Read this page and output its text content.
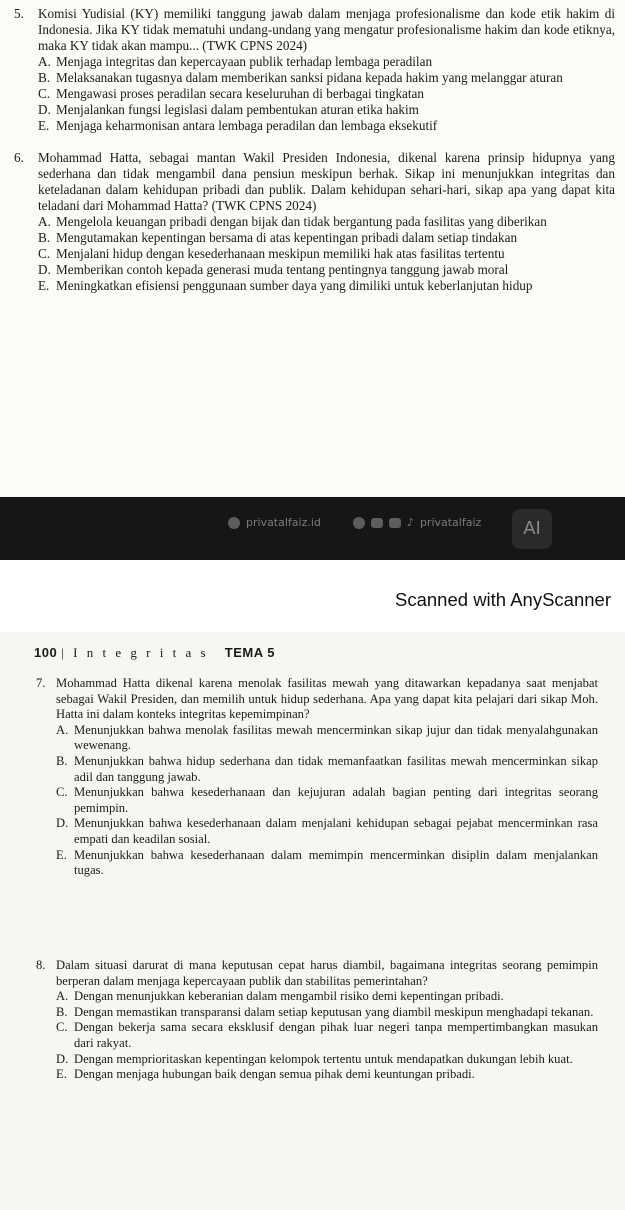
5. Komisi Yudisial (KY) memiliki tanggung jawab dalam menjaga profesionalisme dan kode etik hakim di Indonesia. Jika KY tidak mematuhi undang-undang yang mengatur profesionalisme hakim dan kode etiknya, maka KY tidak akan mampu... (TWK CPNS 2024)
A. Menjaga integritas dan kepercayaan publik terhadap lembaga peradilan
B. Melaksanakan tugasnya dalam memberikan sanksi pidana kepada hakim yang melanggar aturan
C. Mengawasi proses peradilan secara keseluruhan di berbagai tingkatan
D. Menjalankan fungsi legislasi dalam pembentukan aturan etika hakim
E. Menjaga keharmonisan antara lembaga peradilan dan lembaga eksekutif
6. Mohammad Hatta, sebagai mantan Wakil Presiden Indonesia, dikenal karena prinsip hidupnya yang sederhana dan tidak mengambil dana pensiun meskipun berhak. Sikap ini menunjukkan integritas dan keteladanan dalam kehidupan pribadi dan publik. Dalam kehidupan sehari-hari, sikap apa yang dapat kita teladani dari Mohammad Hatta? (TWK CPNS 2024)
A. Mengelola keuangan pribadi dengan bijak dan tidak bergantung pada fasilitas yang diberikan
B. Mengutamakan kepentingan bersama di atas kepentingan pribadi dalam setiap tindakan
C. Menjalani hidup dengan kesederhanaan meskipun memiliki hak atas fasilitas tertentu
D. Memberikan contoh kepada generasi muda tentang pentingnya tanggung jawab moral
E. Meningkatkan efisiensi penggunaan sumber daya yang dimiliki untuk keberlanjutan hidup
privatalfaiz.id	♪ privatalfaiz	AI
Scanned with AnyScanner
100 | I n t e g r i t a s TEMA 5
7. Mohammad Hatta dikenal karena menolak fasilitas mewah yang ditawarkan kepadanya saat menjabat sebagai Wakil Presiden, dan memilih untuk hidup sederhana. Apa yang dapat kita pelajari dari sikap Moh. Hatta ini dalam konteks integritas kepemimpinan?
A. Menunjukkan bahwa menolak fasilitas mewah mencerminkan sikap jujur dan tidak menyalahgunakan wewenang.
B. Menunjukkan bahwa hidup sederhana dan tidak memanfaatkan fasilitas mewah mencerminkan sikap adil dan tanggung jawab.
C. Menunjukkan bahwa kesederhanaan dan kejujuran adalah bagian penting dari integritas seorang pemimpin.
D. Menunjukkan bahwa kesederhanaan dalam menjalani kehidupan sebagai pejabat mencerminkan rasa empati dan keadilan sosial.
E. Menunjukkan bahwa kesederhanaan dalam memimpin mencerminkan disiplin dalam menjalankan tugas.
8. Dalam situasi darurat di mana keputusan cepat harus diambil, bagaimana integritas seorang pemimpin berperan dalam menjaga kepercayaan publik dan stabilitas pemerintahan?
A. Dengan menunjukkan keberanian dalam mengambil risiko demi kepentingan pribadi.
B. Dengan memastikan transparansi dalam setiap keputusan yang diambil meskipun menghadapi tekanan.
C. Dengan bekerja sama secara eksklusif dengan pihak luar negeri tanpa mempertimbangkan masukan dari rakyat.
D. Dengan memprioritaskan kepentingan kelompok tertentu untuk mendapatkan dukungan lebih kuat.
E. Dengan menjaga hubungan baik dengan semua pihak demi keuntungan pribadi.
